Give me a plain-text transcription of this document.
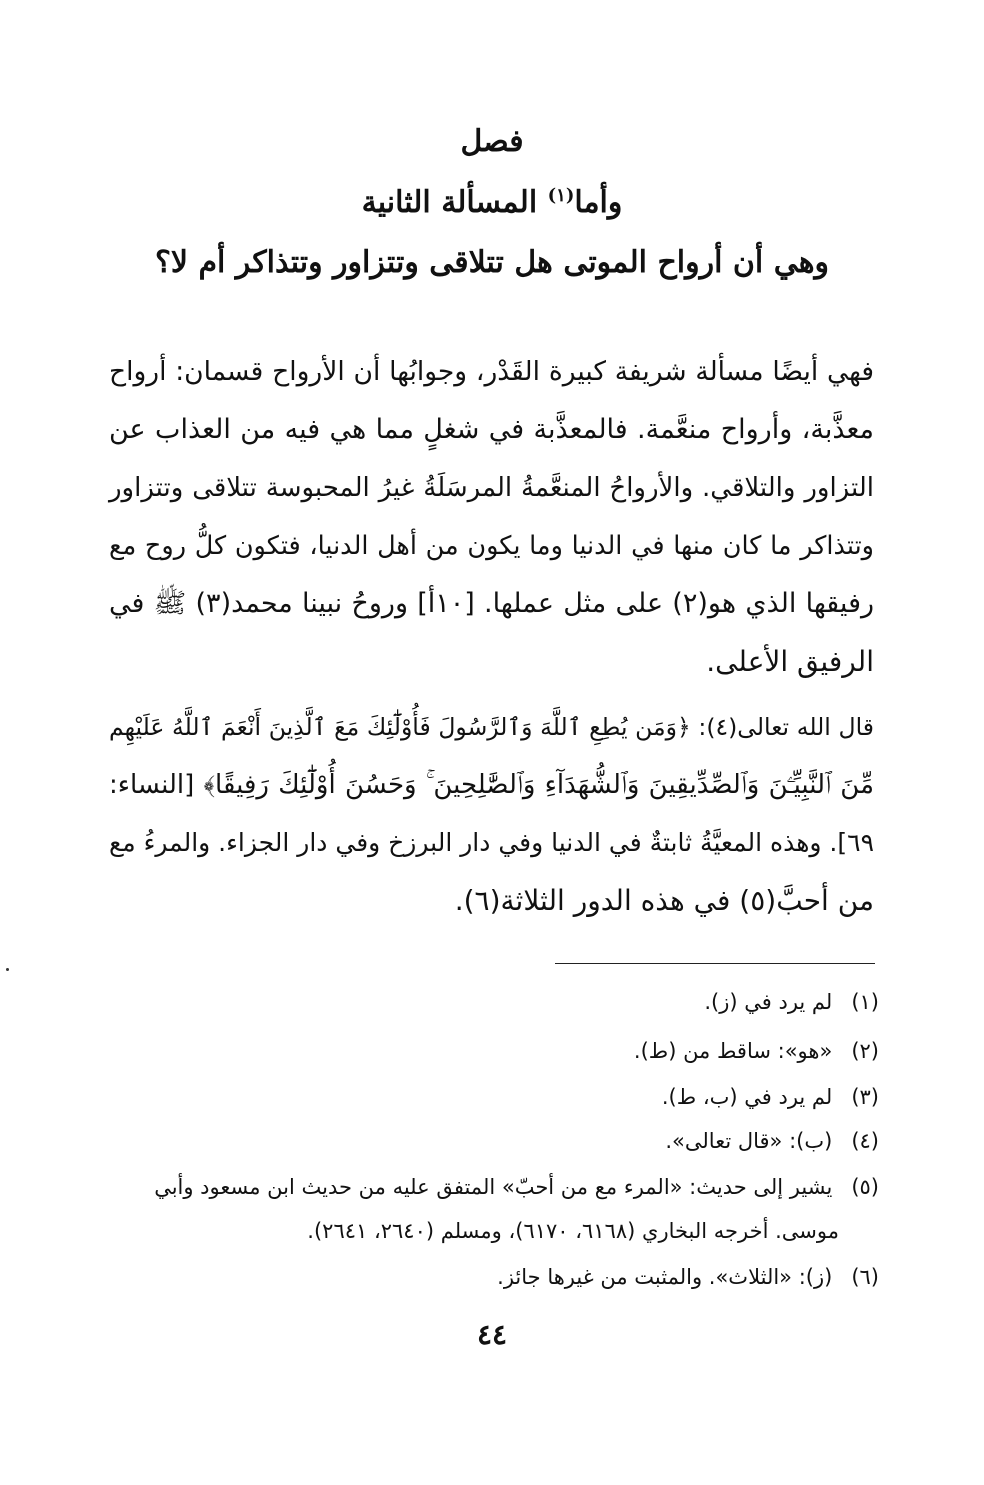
فصل
وأما$^{(١)}$ المسألة الثانية
وهي أن أرواح الموتى هل تتلاقى وتتزاور وتتذاكر أم لا؟
فهي أيضًا مسألة شريفة كبيرة القَدْر، وجوابُها أن الأرواح قسمان: أرواح
معذَّبة، وأرواح منعَّمة. فالمعذَّبة في شغلٍ مما هي فيه من العذاب عن
التزاور والتلاقي. والأرواحُ المنعَّمةُ المرسَلَةُ غيرُ المحبوسة تتلاقى وتتزاور
وتتذاكر ما كان منها في الدنيا وما يكون من أهل الدنيا، فتكون كلُّ روح مع
رفيقها الذي هو(٢) على مثل عملها. [١٠أ] وروحُ نبينا محمد(٣) ﷺ في
الرفيق الأعلى.
قال الله تعالى(٤): ﴿وَمَن يُطِعِ ٱللَّهَ وَٱلرَّسُولَ فَأُوْلَٰٓئِكَ مَعَ ٱلَّذِينَ أَنْعَمَ ٱللَّهُ عَلَيْهِم
مِّنَ ٱلنَّبِيِّـۧنَ وَٱلصِّدِّيقِينَ وَٱلشُّهَدَآءِ وَٱلصَّٰلِحِينَ ۚ وَحَسُنَ أُوْلَٰٓئِكَ رَفِيقًا﴾ [النساء:
٦٩]. وهذه المعيَّةُ ثابتةٌ في الدنيا وفي دار البرزخ وفي دار الجزاء. والمرءُ مع
من أحبَّ(٥) في هذه الدور الثلاثة(٦).
(١) لم يرد في (ز).
(٢) «هو»: ساقط من (ط).
(٣) لم يرد في (ب، ط).
(٤) (ب): «قال تعالى».
(٥) يشير إلى حديث: «المرء مع من أحبّ» المتفق عليه من حديث ابن مسعود وأبي
موسى. أخرجه البخاري (٦١٦٨، ٦١٧٠)، ومسلم (٢٦٤٠، ٢٦٤١).
(٦) (ز): «الثلاث». والمثبت من غيرها جائز.
٤٤
